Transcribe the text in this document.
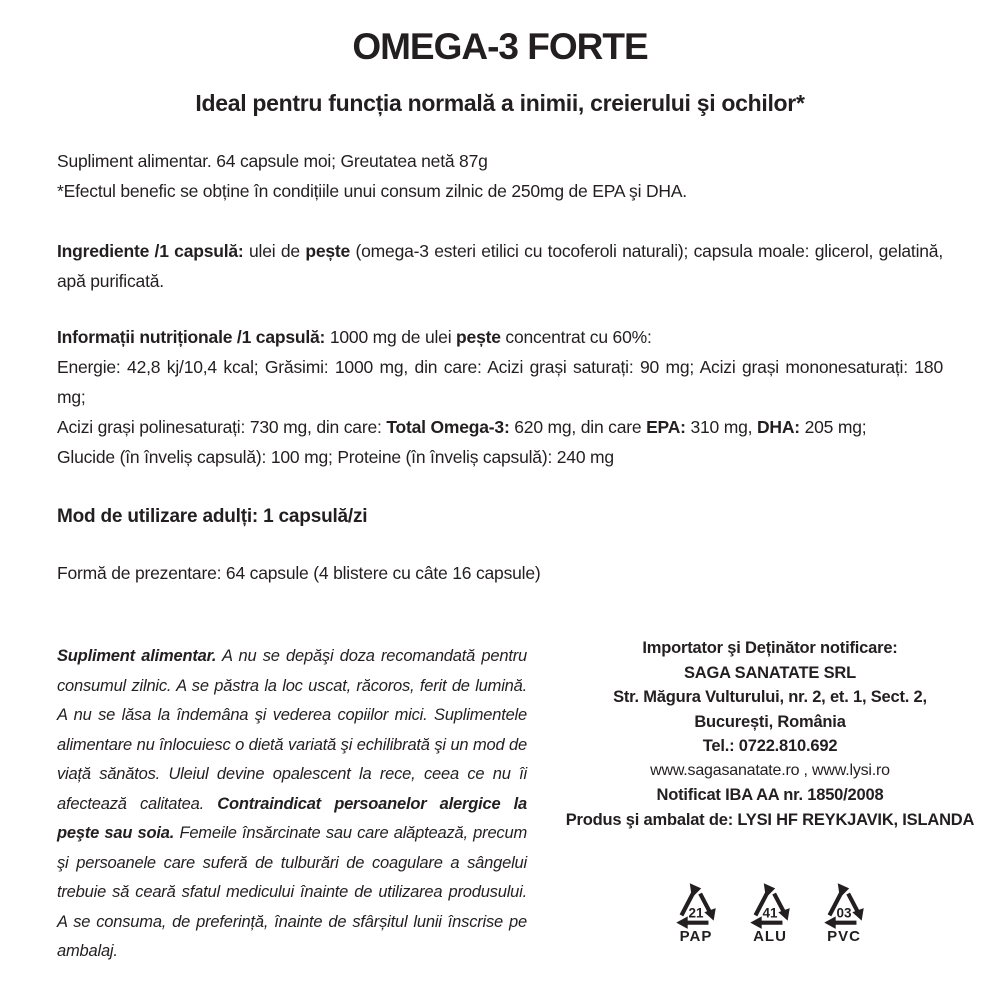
OMEGA-3 FORTE
Ideal pentru funcția normală a inimii, creierului şi ochilor*

Supliment alimentar. 64 capsule moi; Greutatea netă 87g

*Efectul benefic se obține în condițiile unui consum zilnic de 250mg de EPA şi DHA.

Ingrediente /1 capsulă: ulei de pește (omega-3 esteri etilici cu tocoferoli naturali); capsula moale: glicerol, gelatină, apă purificată.

Informații nutriționale /1 capsulă: 1000 mg de ulei pește concentrat cu 60%:

Energie: 42,8 kj/10,4 kcal; Grăsimi: 1000 mg, din care: Acizi grași saturați: 90 mg; Acizi grași mononesaturați: 180 mg;

Acizi grași polinesaturați: 730 mg, din care: Total Omega-3: 620 mg, din care EPA: 310 mg, DHA: 205 mg;

Glucide (în înveliș capsulă): 100 mg; Proteine (în înveliș capsulă): 240 mg

Mod de utilizare adulți: 1 capsulă/zi

Formă de prezentare: 64 capsule (4 blistere cu câte 16 capsule)

Supliment alimentar. A nu se depăşi doza recomandată pentru consumul zilnic. A se păstra la loc uscat, răcoros, ferit de lumină. A nu se lăsa la îndemâna şi vederea copiilor mici. Suplimentele alimentare nu înlocuiesc o dietă variată şi echilibrată şi un mod de viață sănătos. Uleiul devine opalescent la rece, ceea ce nu îi afectează calitatea. Contraindicat persoanelor alergice la peşte sau soia. Femeile însărcinate sau care alăptează, precum şi persoanele care suferă de tulburări de coagulare a sângelui trebuie să ceară sfatul medicului înainte de utilizarea produsului. A se consuma, de preferință, înainte de sfârșitul lunii înscrise pe ambalaj.
Importator şi Deținător notificare:
SAGA SANATATE SRL
Str. Măgura Vulturului, nr. 2, et. 1, Sect. 2,
București, România
Tel.: 0722.810.692
www.sagasanatate.ro , www.lysi.ro
Notificat IBA AA nr. 1850/2008
Produs şi ambalat de: LYSI HF REYKJAVIK, ISLANDA
21
PAP
41
ALU
03
PVC
